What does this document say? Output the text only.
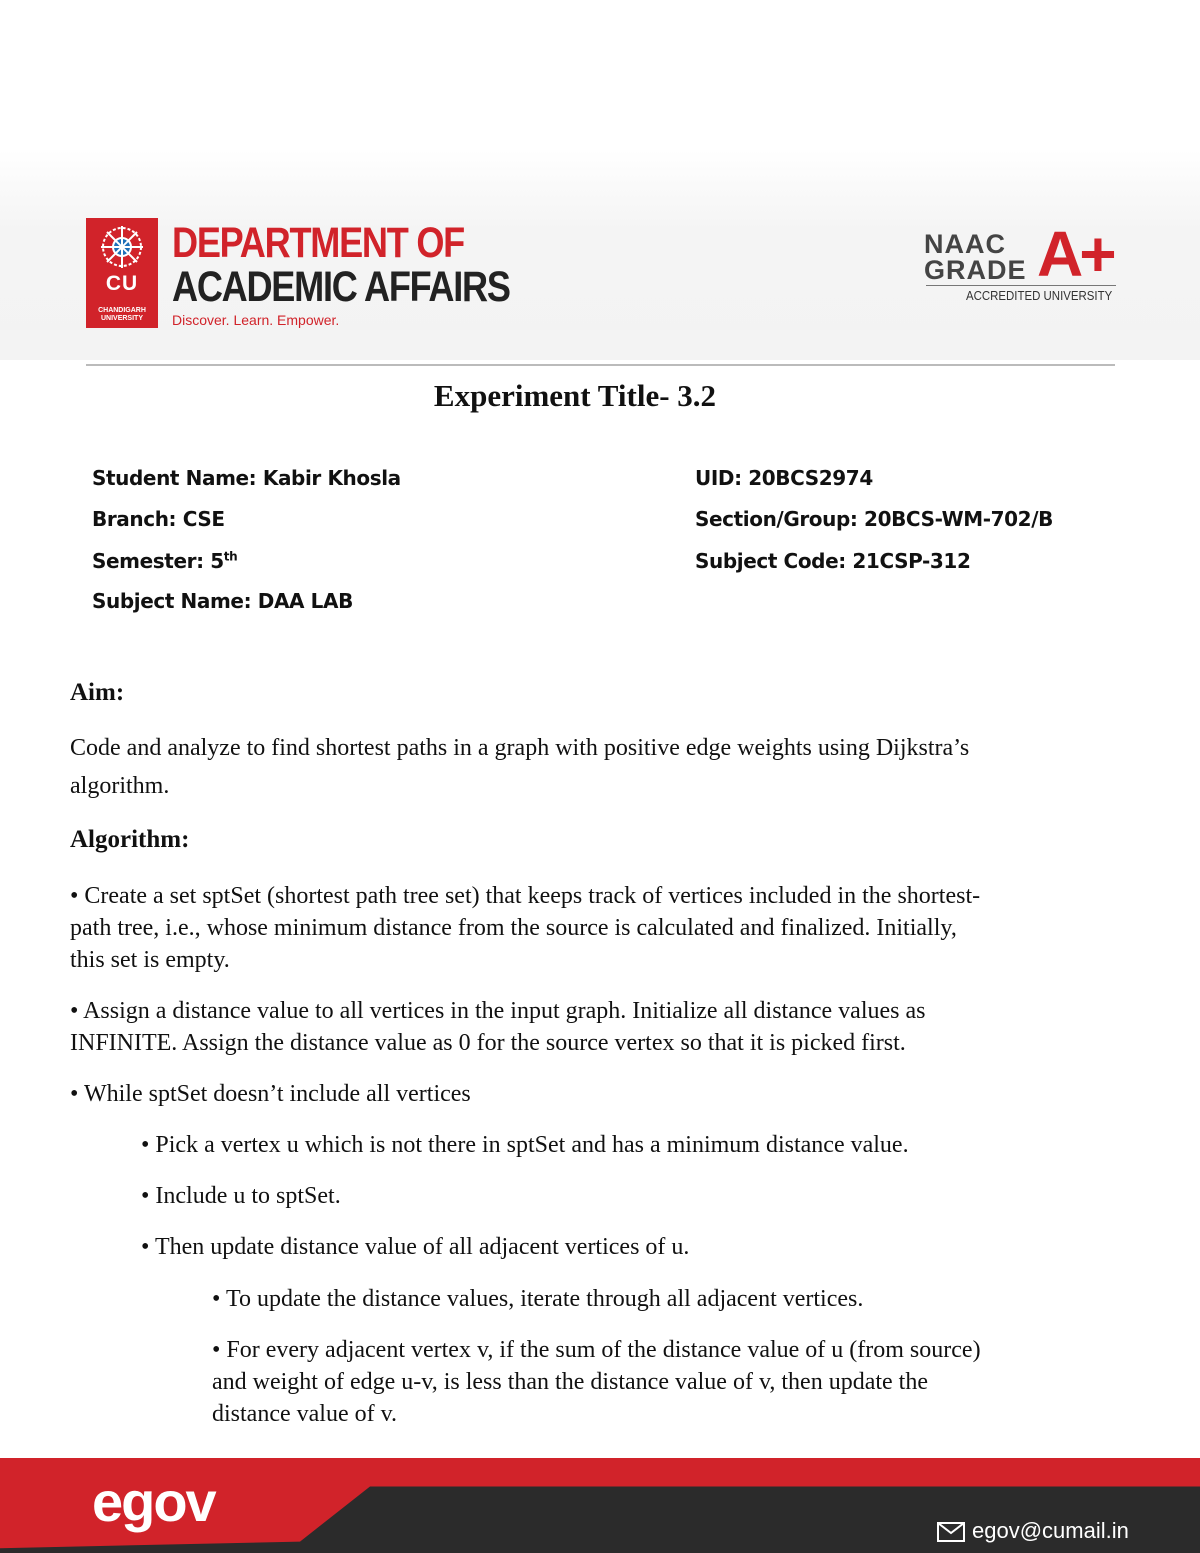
CU
CHANDIGARH
UNIVERSITY
DEPARTMENT OF
ACADEMIC AFFAIRS
Discover. Learn. Empower.
NAAC
GRADE A+
ACCREDITED UNIVERSITY
Experiment Title- 3.2
Student Name: Kabir Khosla	UID: 20BCS2974
Branch: CSE	Section/Group: 20BCS-WM-702/B
Semester: 5th	Subject Code: 21CSP-312
Subject Name: DAA LAB
Aim:
Code and analyze to find shortest paths in a graph with positive edge weights using Dijkstra’s
algorithm.
Algorithm:
• Create a set sptSet (shortest path tree set) that keeps track of vertices included in the shortest-
path tree, i.e., whose minimum distance from the source is calculated and finalized. Initially,
this set is empty.
• Assign a distance value to all vertices in the input graph. Initialize all distance values as
INFINITE. Assign the distance value as 0 for the source vertex so that it is picked first.
• While sptSet doesn’t include all vertices
• Pick a vertex u which is not there in sptSet and has a minimum distance value.
• Include u to sptSet.
• Then update distance value of all adjacent vertices of u.
• To update the distance values, iterate through all adjacent vertices.
• For every adjacent vertex v, if the sum of the distance value of u (from source)
and weight of edge u-v, is less than the distance value of v, then update the
distance value of v.
egov	egov@cumail.in
